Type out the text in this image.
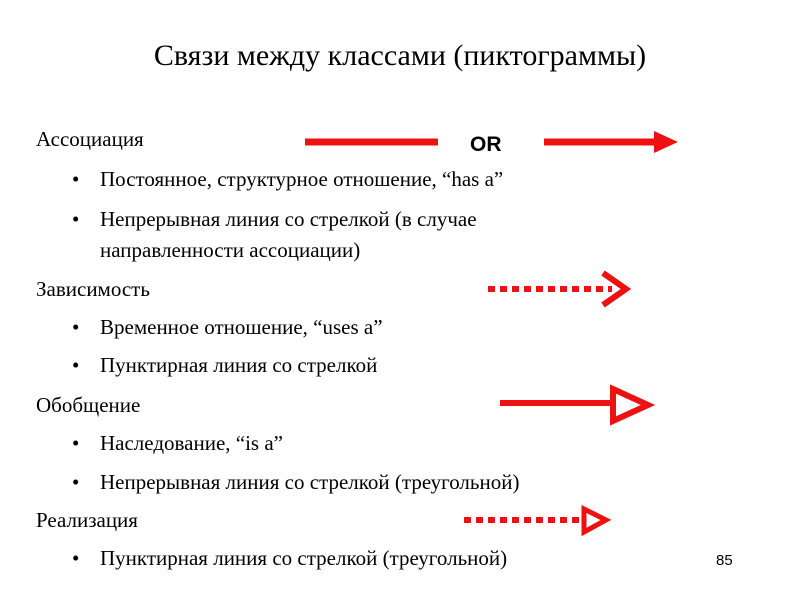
Связи между классами (пиктограммы)
Ассоциация
• Постоянное, структурное отношение, “has a”
• Непрерывная линия со стрелкой (в случае
направленности ассоциации)
OR
Зависимость
• Временное отношение, “uses a”
• Пунктирная линия со стрелкой
Обобщение
• Наследование, “is a”
• Непрерывная линия со стрелкой (треугольной)
Реализация
• Пунктирная линия со стрелкой (треугольной)	85
